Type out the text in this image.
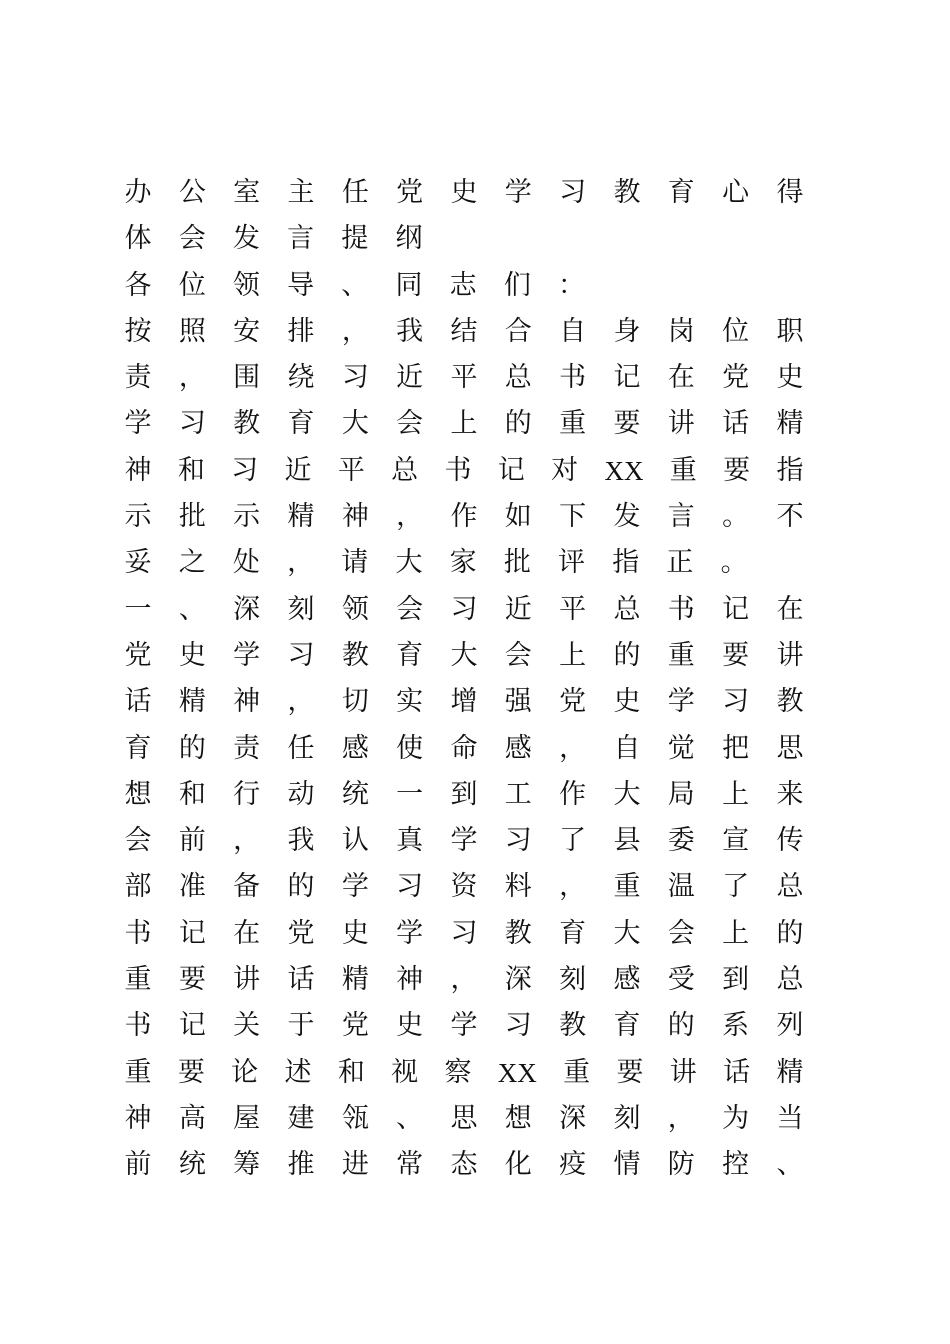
办 公 室 主 任 党 史 学 习 教 育 心 得
体 会 发 言 提 纲
各 位 领 导 、 同 志 们 ：
按 照 安 排 ， 我 结 合 自 身 岗 位 职
责 ， 围 绕 习 近 平 总 书 记 在 党 史
学 习 教 育 大 会 上 的 重 要 讲 话 精
神 和 习 近 平 总 书 记 对 XX 重 要 指
示 批 示 精 神 ， 作 如 下 发 言 。 不
妥 之 处 ， 请 大 家 批 评 指 正 。
一 、 深 刻 领 会 习 近 平 总 书 记 在
党 史 学 习 教 育 大 会 上 的 重 要 讲
话 精 神 ， 切 实 增 强 党 史 学 习 教
育 的 责 任 感 使 命 感 ， 自 觉 把 思
想 和 行 动 统 一 到 工 作 大 局 上 来
会 前 ， 我 认 真 学 习 了 县 委 宣 传
部 准 备 的 学 习 资 料 ， 重 温 了 总
书 记 在 党 史 学 习 教 育 大 会 上 的
重 要 讲 话 精 神 ， 深 刻 感 受 到 总
书 记 关 于 党 史 学 习 教 育 的 系 列
重 要 论 述 和 视 察 XX 重 要 讲 话 精
神 高 屋 建 瓴 、 思 想 深 刻 ， 为 当
前 统 筹 推 进 常 态 化 疫 情 防 控 、
